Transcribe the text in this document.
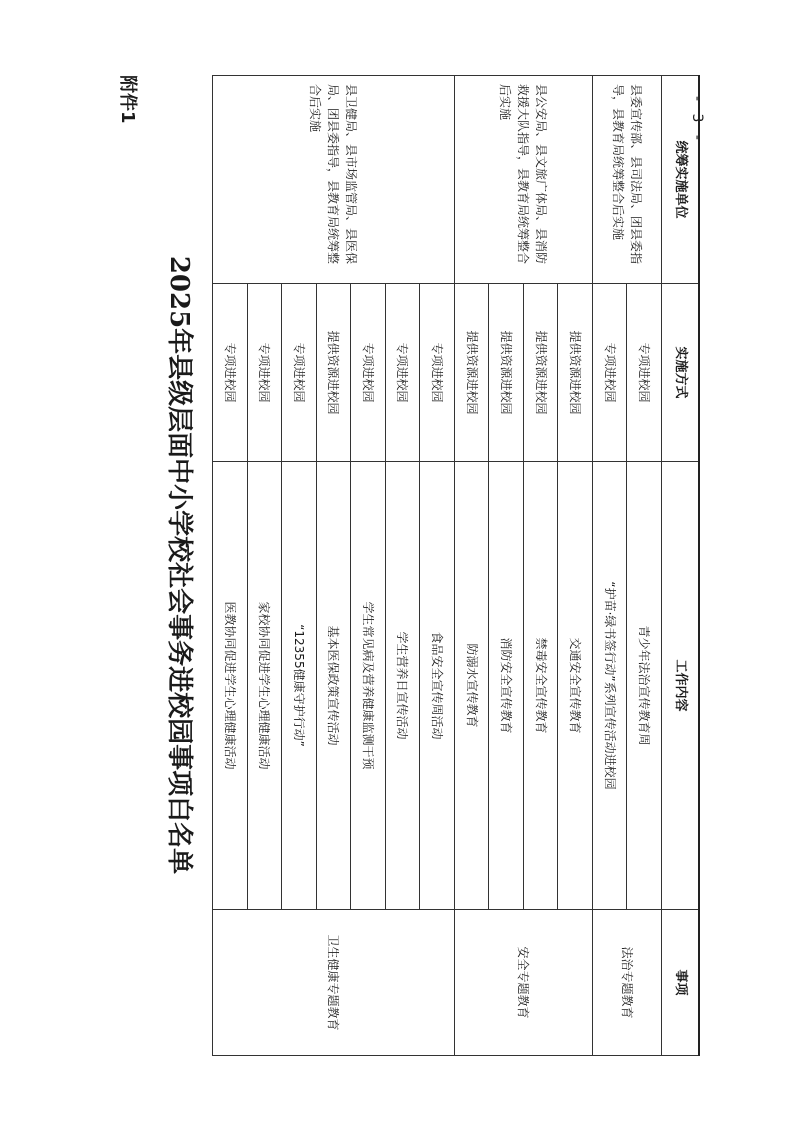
- 3 -
统筹实施单位	实施方式	工作内容	事项
县委宣传部、县司法局、团县委指导，县教育局统筹整合后实施	专项进校园	青少年法治宣传教育周	法治专题教育
	专项进校园	“护苗·绿书签行动”系列宣传活动进校园	
县公安局、县文旅广体局、县消防救援大队指导，县教育局统筹整合后实施	提供资源进校园	交通安全宣传教育	安全专题教育
	提供资源进校园	禁毒安全宣传教育	
	提供资源进校园	消防安全宣传教育	
	提供资源进校园	防溺水宣传教育	
县卫健局、县市场监管局、县医保局、团县委指导，县教育局统筹整合后实施	专项进校园	食品安全宣传周活动	卫生健康专题教育
	专项进校园	学生营养日宣传活动	
	专项进校园	学生常见病及营养健康监测干预	
	提供资源进校园	基本医保政策宣传活动	
	专项进校园	“12355健康守护行动”	
	专项进校园	家校协同促进学生心理健康活动	
	专项进校园	医教协同促进学生心理健康活动	
2025年县级层面中小学校社会事务进校园事项白名单
附件1
